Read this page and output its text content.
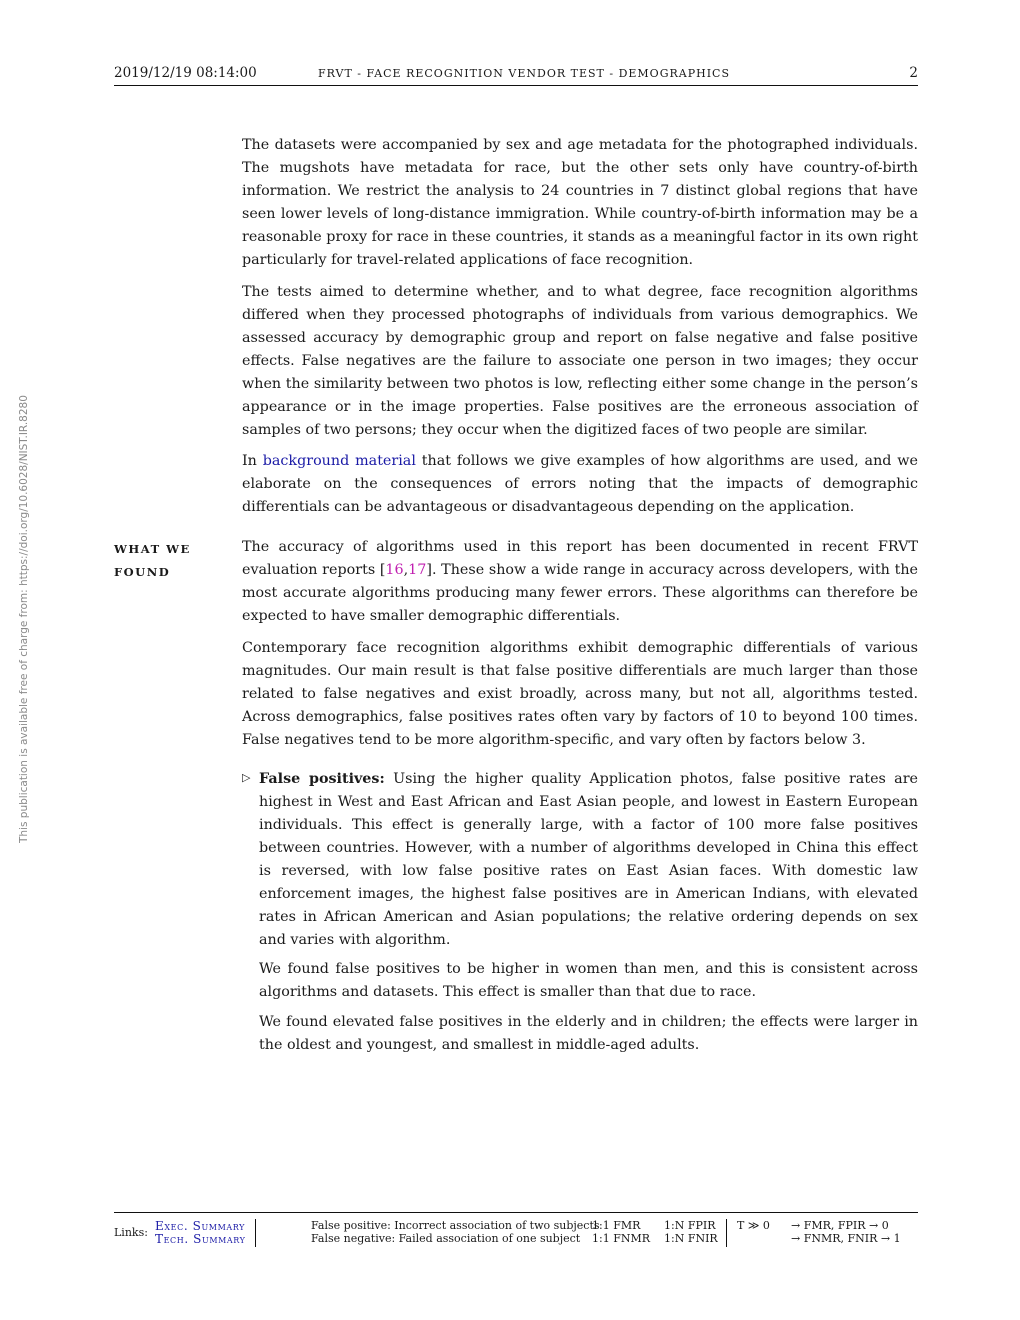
2019/12/19 08:14:00	FRVT - FACE RECOGNITION VENDOR TEST - DEMOGRAPHICS	2
This publication is available free of charge from: https://doi.org/10.6028/NIST.IR.8280

The datasets were accompanied by sex and age metadata for the photographed individuals. The mugshots have metadata for race, but the other sets only have country-of-birth information. We restrict the analysis to 24 countries in 7 distinct global regions that have seen lower levels of long-distance immigration. While country-of-birth information may be a reasonable proxy for race in these countries, it stands as a meaningful factor in its own right particularly for travel-related applications of face recognition.

The tests aimed to determine whether, and to what degree, face recognition algorithms differed when they processed photographs of individuals from various demographics. We assessed accuracy by demographic group and report on false negative and false positive effects. False negatives are the failure to associate one person in two images; they occur when the similarity between two photos is low, reflecting either some change in the person’s appearance or in the image properties. False positives are the erroneous association of samples of two persons; they occur when the digitized faces of two people are similar.

In background material that follows we give examples of how algorithms are used, and we elaborate on the consequences of errors noting that the impacts of demographic differentials can be advantageous or disadvantageous depending on the application.

WHAT WE
FOUND

The accuracy of algorithms used in this report has been documented in recent FRVT evaluation reports [16,17]. These show a wide range in accuracy across developers, with the most accurate algorithms producing many fewer errors. These algorithms can therefore be expected to have smaller demographic differentials.

Contemporary face recognition algorithms exhibit demographic differentials of various magnitudes. Our main result is that false positive differentials are much larger than those related to false negatives and exist broadly, across many, but not all, algorithms tested. Across demographics, false positives rates often vary by factors of 10 to beyond 100 times. False negatives tend to be more algorithm-specific, and vary often by factors below 3.

▷ False positives: Using the higher quality Application photos, false positive rates are highest in West and East African and East Asian people, and lowest in Eastern European individuals. This effect is generally large, with a factor of 100 more false positives between countries. However, with a number of algorithms developed in China this effect is reversed, with low false positive rates on East Asian faces. With domestic law enforcement images, the highest false positives are in American Indians, with elevated rates in African American and Asian populations; the relative ordering depends on sex and varies with algorithm.

We found false positives to be higher in women than men, and this is consistent across algorithms and datasets. This effect is smaller than that due to race.

We found elevated false positives in the elderly and in children; the effects were larger in the oldest and youngest, and smallest in middle-aged adults.

Links: Exec. Summary
Tech. Summary
False positive: Incorrect association of two subjects
False negative: Failed association of one subject
1:1 FMR
1:1 FNMR
1:N FPIR
1:N FNIR
T ≫ 0 → FMR, FPIR → 0
→ FNMR, FNIR → 1
